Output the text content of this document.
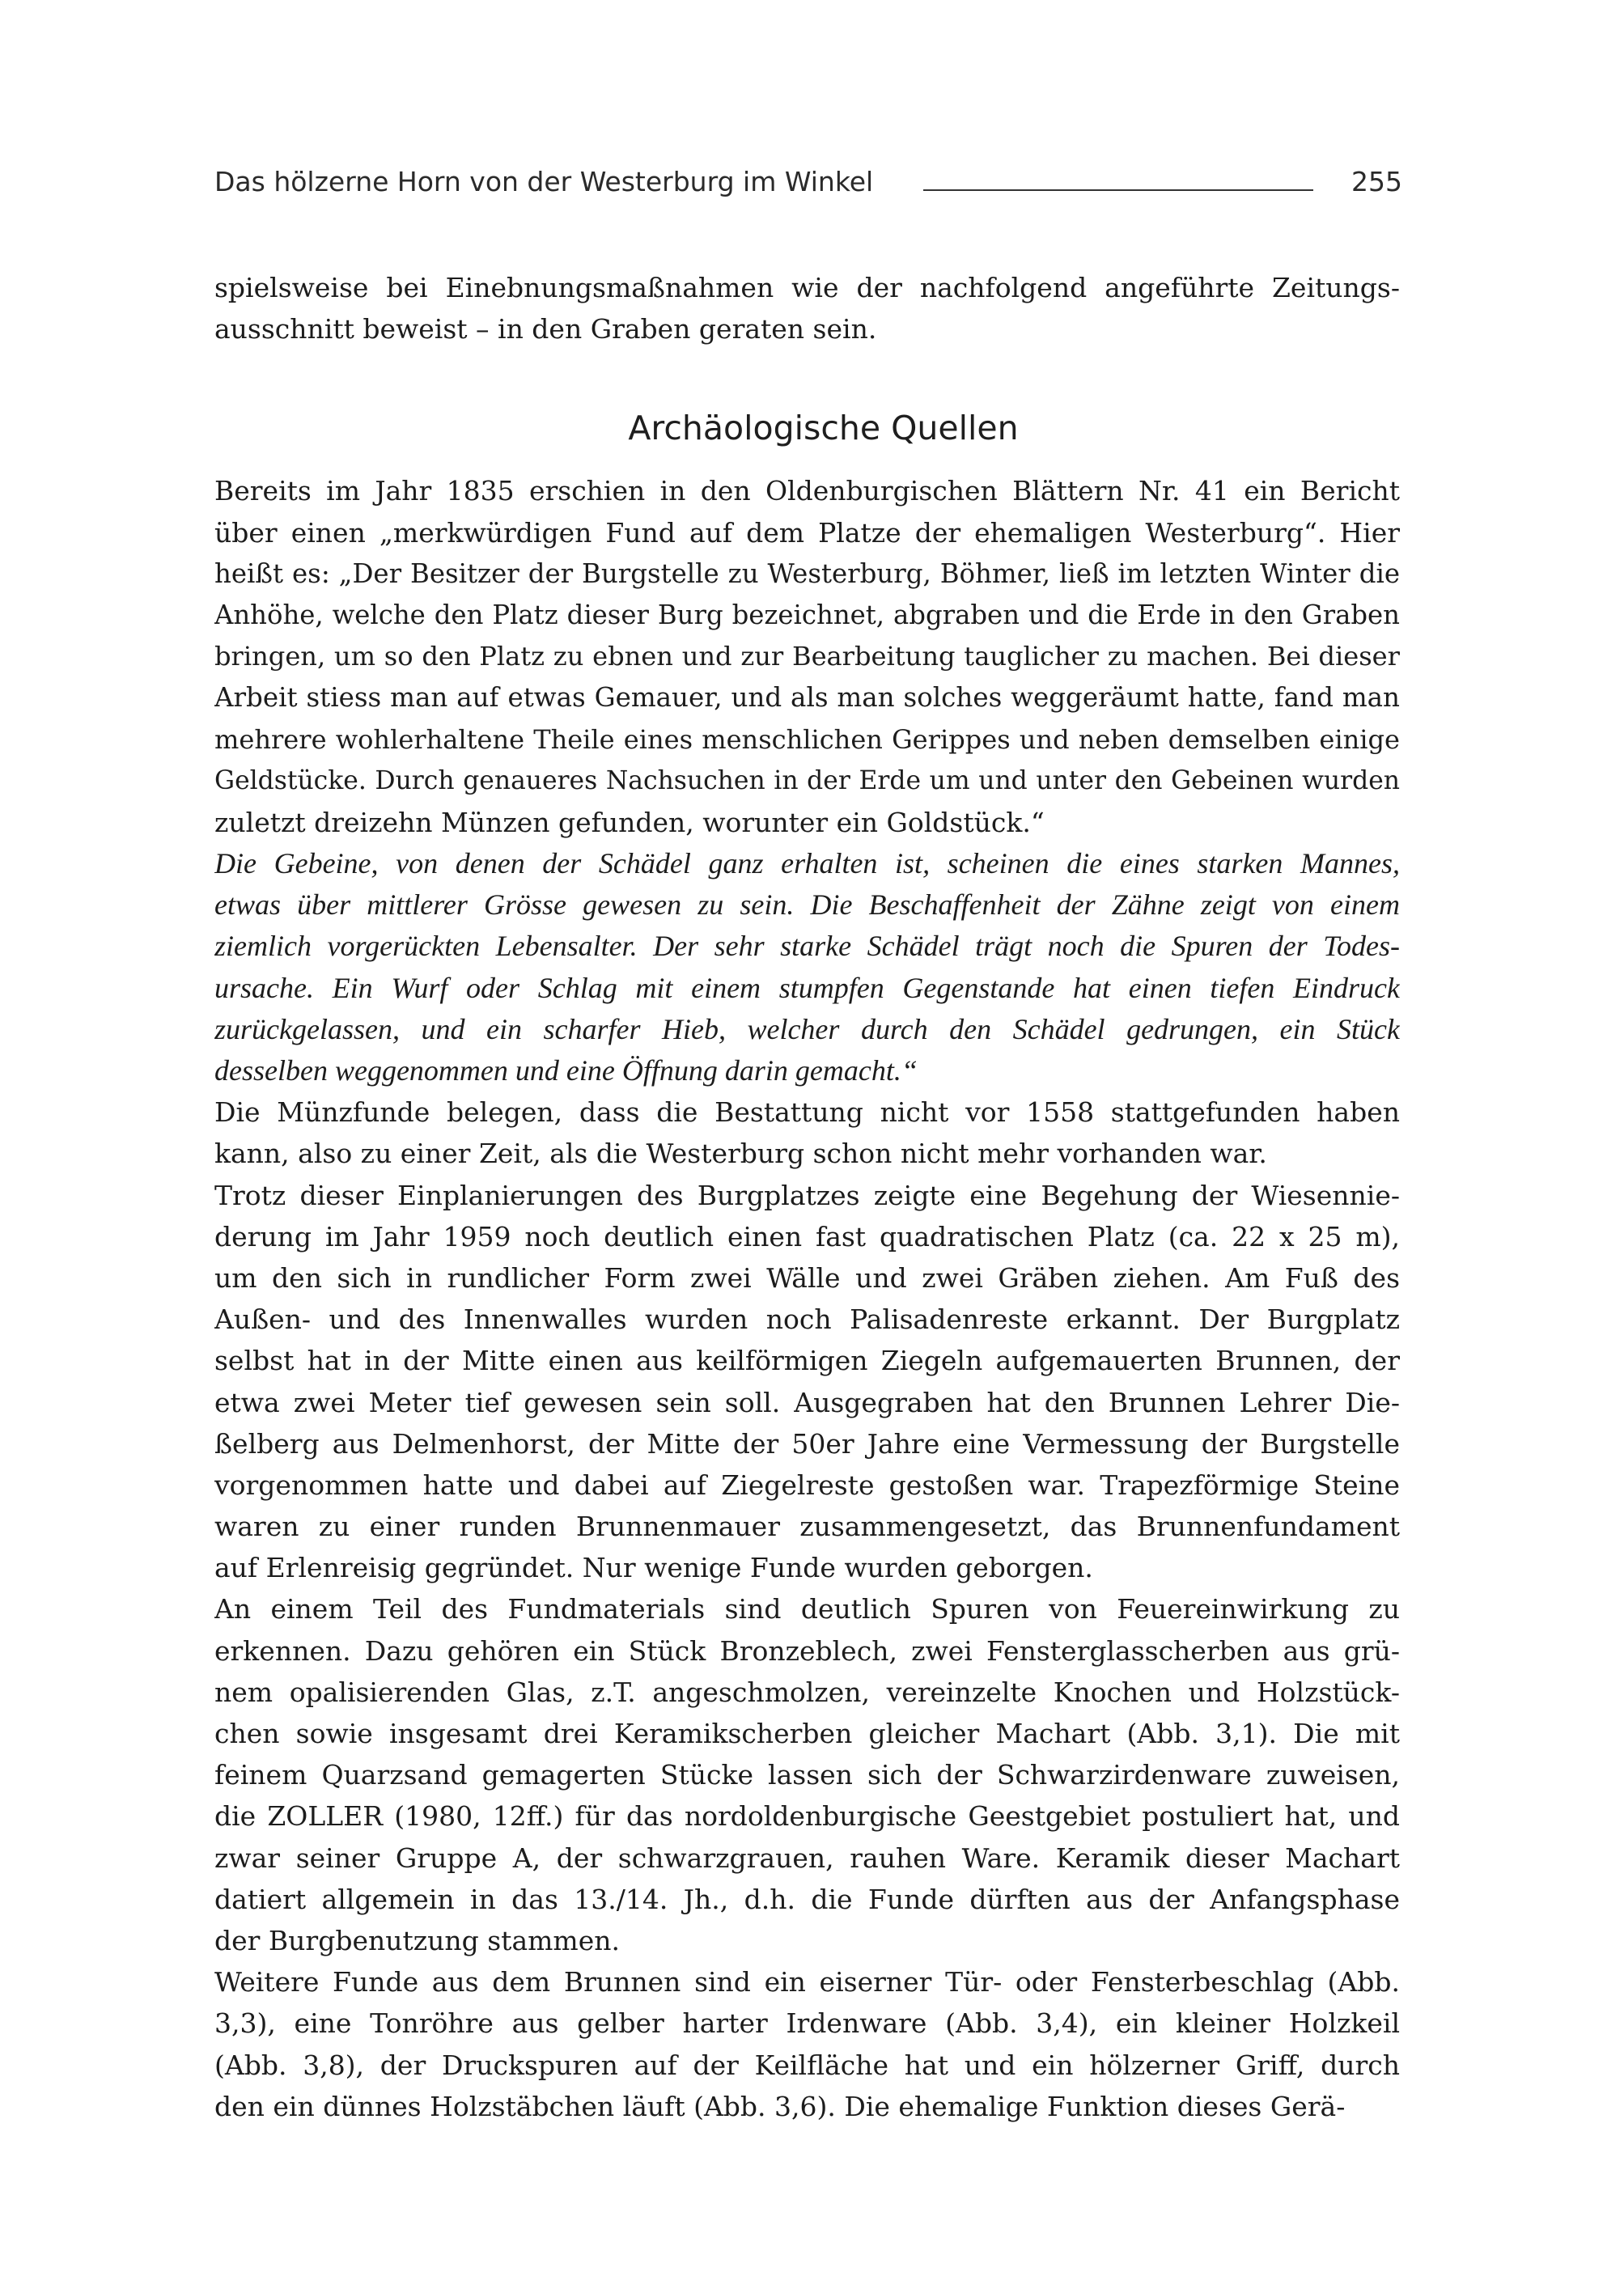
Das hölzerne Horn von der Westerburg im Winkel	255
spielsweise bei Einebnungsmaßnahmen wie der nachfolgend angeführte Zeitungs-
ausschnitt beweist – in den Graben geraten sein.
Archäologische Quellen
Bereits im Jahr 1835 erschien in den Oldenburgischen Blättern Nr. 41 ein Bericht
über einen „merkwürdigen Fund auf dem Platze der ehemaligen Westerburg“. Hier
heißt es: „Der Besitzer der Burgstelle zu Westerburg, Böhmer, ließ im letzten Winter die
Anhöhe, welche den Platz dieser Burg bezeichnet, abgraben und die Erde in den Graben
bringen, um so den Platz zu ebnen und zur Bearbeitung tauglicher zu machen. Bei dieser
Arbeit stiess man auf etwas Gemauer, und als man solches weggeräumt hatte, fand man
mehrere wohlerhaltene Theile eines menschlichen Gerippes und neben demselben einige
Geldstücke. Durch genaueres Nachsuchen in der Erde um und unter den Gebeinen wurden
zuletzt dreizehn Münzen gefunden, worunter ein Goldstück.“
Die Gebeine, von denen der Schädel ganz erhalten ist, scheinen die eines starken Mannes,
etwas über mittlerer Grösse gewesen zu sein. Die Beschaffenheit der Zähne zeigt von einem
ziemlich vorgerückten Lebensalter. Der sehr starke Schädel trägt noch die Spuren der Todes-
ursache. Ein Wurf oder Schlag mit einem stumpfen Gegenstande hat einen tiefen Eindruck
zurückgelassen, und ein scharfer Hieb, welcher durch den Schädel gedrungen, ein Stück
desselben weggenommen und eine Öffnung darin gemacht.“
Die Münzfunde belegen, dass die Bestattung nicht vor 1558 stattgefunden haben
kann, also zu einer Zeit, als die Westerburg schon nicht mehr vorhanden war.
Trotz dieser Einplanierungen des Burgplatzes zeigte eine Begehung der Wiesennie-
derung im Jahr 1959 noch deutlich einen fast quadratischen Platz (ca. 22 x 25 m),
um den sich in rundlicher Form zwei Wälle und zwei Gräben ziehen. Am Fuß des
Außen- und des Innenwalles wurden noch Palisadenreste erkannt. Der Burgplatz
selbst hat in der Mitte einen aus keilförmigen Ziegeln aufgemauerten Brunnen, der
etwa zwei Meter tief gewesen sein soll. Ausgegraben hat den Brunnen Lehrer Die-
ßelberg aus Delmenhorst, der Mitte der 50er Jahre eine Vermessung der Burgstelle
vorgenommen hatte und dabei auf Ziegelreste gestoßen war. Trapezförmige Steine
waren zu einer runden Brunnenmauer zusammengesetzt, das Brunnenfundament
auf Erlenreisig gegründet. Nur wenige Funde wurden geborgen.
An einem Teil des Fundmaterials sind deutlich Spuren von Feuereinwirkung zu
erkennen. Dazu gehören ein Stück Bronzeblech, zwei Fensterglasscherben aus grü-
nem opalisierenden Glas, z.T. angeschmolzen, vereinzelte Knochen und Holzstück-
chen sowie insgesamt drei Keramikscherben gleicher Machart (Abb. 3,1). Die mit
feinem Quarzsand gemagerten Stücke lassen sich der Schwarzirdenware zuweisen,
die ZOLLER (1980, 12ff.) für das nordoldenburgische Geestgebiet postuliert hat, und
zwar seiner Gruppe A, der schwarzgrauen, rauhen Ware. Keramik dieser Machart
datiert allgemein in das 13./14. Jh., d.h. die Funde dürften aus der Anfangsphase
der Burgbenutzung stammen.
Weitere Funde aus dem Brunnen sind ein eiserner Tür- oder Fensterbeschlag (Abb.
3,3), eine Tonröhre aus gelber harter Irdenware (Abb. 3,4), ein kleiner Holzkeil
(Abb. 3,8), der Druckspuren auf der Keilfläche hat und ein hölzerner Griff, durch
den ein dünnes Holzstäbchen läuft (Abb. 3,6). Die ehemalige Funktion dieses Gerä-
